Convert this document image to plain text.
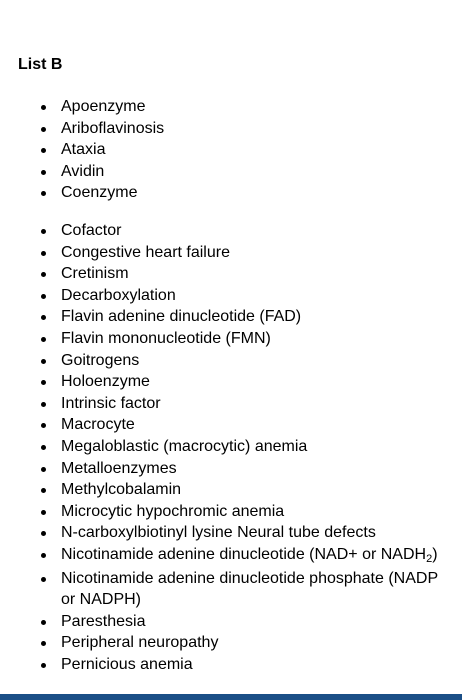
List B
Apoenzyme
Ariboflavinosis
Ataxia
Avidin
Coenzyme
Cofactor
Congestive heart failure
Cretinism
Decarboxylation
Flavin adenine dinucleotide (FAD)
Flavin mononucleotide (FMN)
Goitrogens
Holoenzyme
Intrinsic factor
Macrocyte
Megaloblastic (macrocytic) anemia
Metalloenzymes
Methylcobalamin
Microcytic hypochromic anemia
N-carboxylbiotinyl lysine Neural tube defects
Nicotinamide adenine dinucleotide (NAD+ or $NADH_2$)
Nicotinamide adenine dinucleotide phosphate (NADP or NADPH)
Paresthesia
Peripheral neuropathy
Pernicious anemia
